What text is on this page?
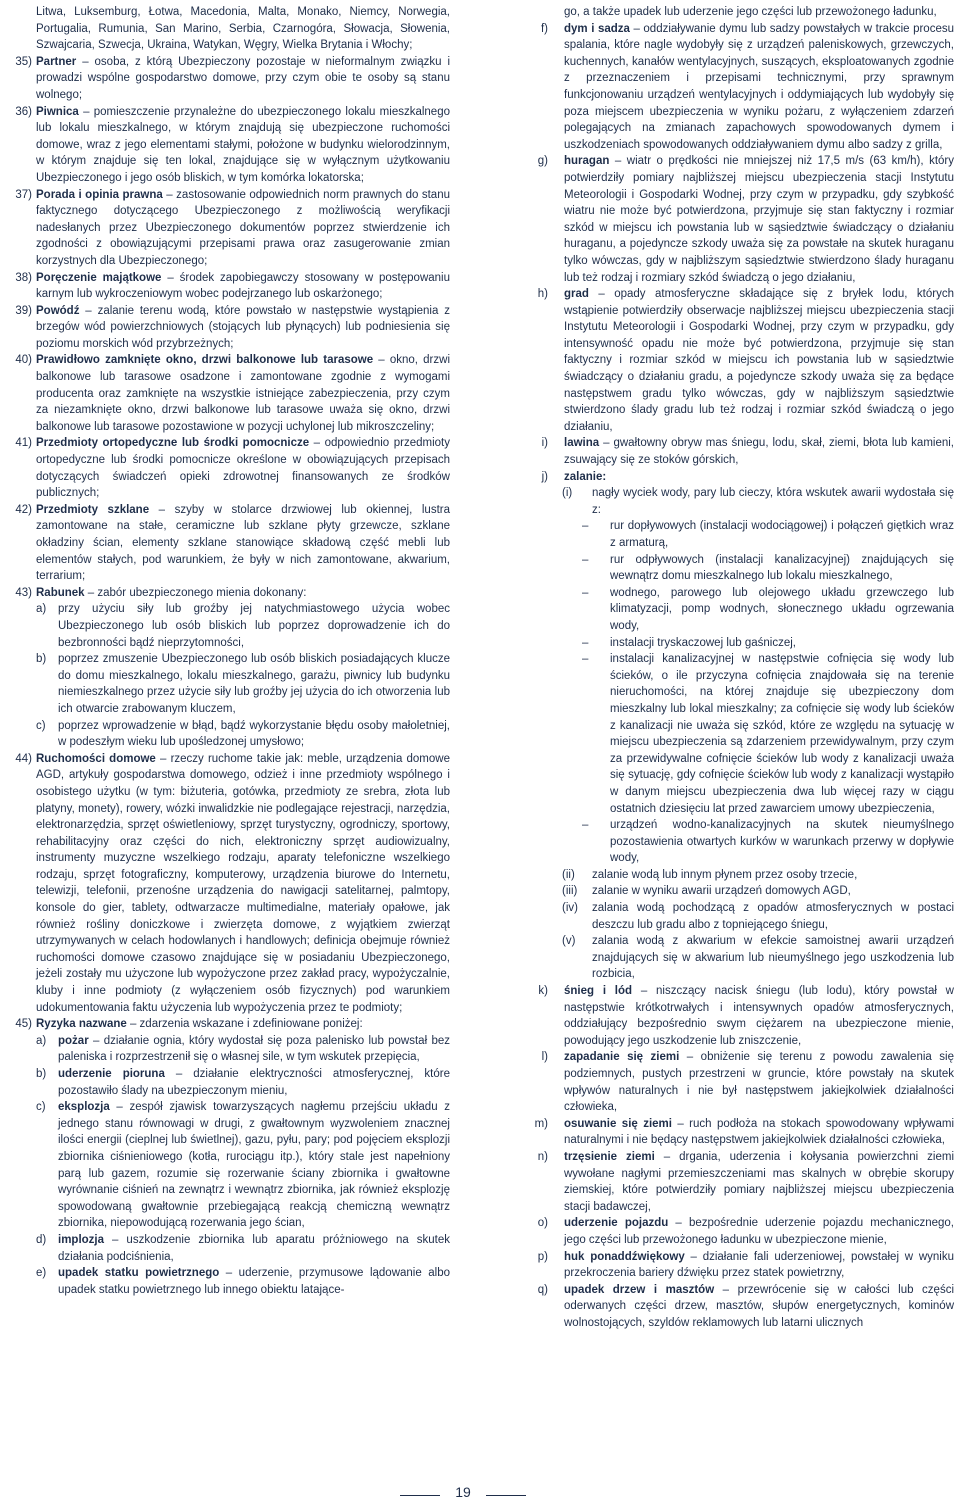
Litwa, Luksemburg, Łotwa, Macedonia, Malta, Monako, Niemcy, Norwegia, Portugalia, Rumunia, San Marino, Serbia, Czarnogóra, Słowacja, Słowenia, Szwajcaria, Szwecja, Ukraina, Watykan, Węgry, Wielka Brytania i Włochy;

35) Partner – osoba, z którą Ubezpieczony pozostaje w nieformalnym związku i prowadzi wspólne gospodarstwo domowe, przy czym obie te osoby są stanu wolnego;

36) Piwnica – pomieszczenie przynależne do ubezpieczonego lokalu mieszkalnego lub lokalu mieszkalnego, w którym znajdują się ubezpieczone ruchomości domowe, wraz z jego elementami stałymi, położone w budynku wielorodzinnym, w którym znajduje się ten lokal, znajdujące się w wyłącznym użytkowaniu Ubezpieczonego i jego osób bliskich, w tym komórka lokatorska;

37) Porada i opinia prawna – zastosowanie odpowiednich norm prawnych do stanu faktycznego dotyczącego Ubezpieczonego z możliwością weryfikacji nadesłanych przez Ubezpieczonego dokumentów poprzez stwierdzenie ich zgodności z obowiązującymi przepisami prawa oraz zasugerowanie zmian korzystnych dla Ubezpieczonego;

38) Poręczenie majątkowe – środek zapobiegawczy stosowany w postępowaniu karnym lub wykroczeniowym wobec podejrzanego lub oskarżonego;

39) Powódź – zalanie terenu wodą, które powstało w następstwie wystąpienia z brzegów wód powierzchniowych (stojących lub płynących) lub podniesienia się poziomu morskich wód przybrzeżnych;

40) Prawidłowo zamknięte okno, drzwi balkonowe lub tarasowe – okno, drzwi balkonowe lub tarasowe osadzone i zamontowane zgodnie z wymogami producenta oraz zamknięte na wszystkie istniejące zabezpieczenia, przy czym za niezamknięte okno, drzwi balkonowe lub tarasowe uważa się okno, drzwi balkonowe lub tarasowe pozostawione w pozycji uchylonej lub mikroszczeliny;

41) Przedmioty ortopedyczne lub środki pomocnicze – odpowiednio przedmioty ortopedyczne lub środki pomocnicze określone w obowiązujących przepisach dotyczących świadczeń opieki zdrowotnej finansowanych ze środków publicznych;

42) Przedmioty szklane – szyby w stolarce drzwiowej lub okiennej, lustra zamontowane na stałe, ceramiczne lub szklane płyty grzewcze, szklane okładziny ścian, elementy szklane stanowiące składową część mebli lub elementów stałych, pod warunkiem, że były w nich zamontowane, akwarium, terrarium;

43) Rabunek – zabór ubezpieczonego mienia dokonany:

a) przy użyciu siły lub groźby jej natychmiastowego użycia wobec Ubezpieczonego lub osób bliskich lub poprzez doprowadzenie ich do bezbronności bądź nieprzytomności,

b) poprzez zmuszenie Ubezpieczonego lub osób bliskich posiadających klucze do domu mieszkalnego, lokalu mieszkalnego, garażu, piwnicy lub budynku niemieszkalnego przez użycie siły lub groźby jej użycia do ich otworzenia lub ich otwarcie zrabowanym kluczem,

c) poprzez wprowadzenie w błąd, bądź wykorzystanie błędu osoby małoletniej, w podeszłym wieku lub upośledzonej umysłowo;

44) Ruchomości domowe – rzeczy ruchome takie jak: meble, urządzenia domowe AGD, artykuły gospodarstwa domowego, odzież i inne przedmioty wspólnego i osobistego użytku (w tym: biżuteria, gotówka, przedmioty ze srebra, złota lub platyny, monety), rowery, wózki inwalidzkie nie podlegające rejestracji, narzędzia, elektronarzędzia, sprzęt oświetleniowy, sprzęt turystyczny, ogrodniczy, sportowy, rehabilitacyjny oraz części do nich, elektroniczny sprzęt audiowizualny, instrumenty muzyczne wszelkiego rodzaju, aparaty telefoniczne wszelkiego rodzaju, sprzęt fotograficzny, komputerowy, urządzenia biurowe do Internetu, telewizji, telefonii, przenośne urządzenia do nawigacji satelitarnej, palmtopy, konsole do gier, tablety, odtwarzacze multimedialne, materiały opałowe, jak również rośliny doniczkowe i zwierzęta domowe, z wyjątkiem zwierząt utrzymywanych w celach hodowlanych i handlowych; definicja obejmuje również ruchomości domowe czasowo znajdujące się w posiadaniu Ubezpieczonego, jeżeli zostały mu użyczone lub wypożyczone przez zakład pracy, wypożyczalnie, kluby i inne podmioty (z wyłączeniem osób fizycznych) pod warunkiem udokumentowania faktu użyczenia lub wypożyczenia przez te podmioty;

45) Ryzyka nazwane – zdarzenia wskazane i zdefiniowane poniżej:

a) pożar – działanie ognia, który wydostał się poza palenisko lub powstał bez paleniska i rozprzestrzenił się o własnej sile, w tym wskutek przepięcia,

b) uderzenie pioruna – działanie elektryczności atmosferycznej, które pozostawiło ślady na ubezpieczonym mieniu,

c) eksplozja – zespół zjawisk towarzyszących nagłemu przejściu układu z jednego stanu równowagi w drugi, z gwałtownym wyzwoleniem znacznej ilości energii (cieplnej lub świetlnej), gazu, pyłu, pary; pod pojęciem eksplozji zbiornika ciśnieniowego (kotła, rurociągu itp.), który stale jest napełniony parą lub gazem, rozumie się rozerwanie ściany zbiornika i gwałtowne wyrównanie ciśnień na zewnątrz i wewnątrz zbiornika, jak również eksplozję spowodowaną gwałtownie przebiegającą reakcją chemiczną wewnątrz zbiornika, niepowodującą rozerwania jego ścian,

d) implozja – uszkodzenie zbiornika lub aparatu próżniowego na skutek działania podciśnienia,

e) upadek statku powietrznego – uderzenie, przymusowe lądowanie albo upadek statku powietrznego lub innego obiektu latające-

go, a także upadek lub uderzenie jego części lub przewożonego ładunku,

f) dym i sadza – oddziaływanie dymu lub sadzy powstałych w trakcie procesu spalania, które nagle wydobyły się z urządzeń paleniskowych, grzewczych, kuchennych, kanałów wentylacyjnych, suszących, eksploatowanych zgodnie z przeznaczeniem i przepisami technicznymi, przy sprawnym funkcjonowaniu urządzeń wentylacyjnych i oddymiających lub wydobyły się poza miejscem ubezpieczenia w wyniku pożaru, z wyłączeniem zdarzeń polegających na zmianach zapachowych spowodowanych dymem i uszkodzeniach spowodowanych oddziaływaniem dymu albo sadzy z grilla,

g) huragan – wiatr o prędkości nie mniejszej niż 17,5 m/s (63 km/h), który potwierdziły pomiary najbliższej miejscu ubezpieczenia stacji Instytutu Meteorologii i Gospodarki Wodnej, przy czym w przypadku, gdy szybkość wiatru nie może być potwierdzona, przyjmuje się stan faktyczny i rozmiar szkód w miejscu ich powstania lub w sąsiedztwie świadczący o działaniu huraganu, a pojedyncze szkody uważa się za powstałe na skutek huraganu tylko wówczas, gdy w najbliższym sąsiedztwie stwierdzono ślady huraganu lub też rodzaj i rozmiary szkód świadczą o jego działaniu,

h) grad – opady atmosferyczne składające się z bryłek lodu, których wstąpienie potwierdziły obserwacje najbliższej miejscu ubezpieczenia stacji Instytutu Meteorologii i Gospodarki Wodnej, przy czym w przypadku, gdy intensywność opadu nie może być potwierdzona, przyjmuje się stan faktyczny i rozmiar szkód w miejscu ich powstania lub w sąsiedztwie świadczący o działaniu gradu, a pojedyncze szkody uważa się za będące następstwem gradu tylko wówczas, gdy w najbliższym sąsiedztwie stwierdzono ślady gradu lub też rodzaj i rozmiar szkód świadczą o jego działaniu,

i) lawina – gwałtowny obryw mas śniegu, lodu, skał, ziemi, błota lub kamieni, zsuwający się ze stoków górskich,

j) zalanie:

(i) nagły wyciek wody, pary lub cieczy, która wskutek awarii wydostała się z:

– rur dopływowych (instalacji wodociągowej) i połączeń giętkich wraz z armaturą,

– rur odpływowych (instalacji kanalizacyjnej) znajdujących się wewnątrz domu mieszkalnego lub lokalu mieszkalnego,

– wodnego, parowego lub olejowego układu grzewczego lub klimatyzacji, pomp wodnych, słonecznego układu ogrzewania wody,

– instalacji tryskaczowej lub gaśniczej,

– instalacji kanalizacyjnej w następstwie cofnięcia się wody lub ścieków, o ile przyczyna cofnięcia znajdowała się na terenie nieruchomości, na której znajduje się ubezpieczony dom mieszkalny lub lokal mieszkalny; za cofnięcie się wody lub ścieków z kanalizacji nie uważa się szkód, które ze względu na sytuację w miejscu ubezpieczenia są zdarzeniem przewidywalnym, przy czym za przewidywalne cofnięcie ścieków lub wody z kanalizacji uważa się sytuację, gdy cofnięcie ścieków lub wody z kanalizacji wystąpiło w danym miejscu ubezpieczenia dwa lub więcej razy w ciągu ostatnich dziesięciu lat przed zawarciem umowy ubezpieczenia,

– urządzeń wodno-kanalizacyjnych na skutek nieumyślnego pozostawienia otwartych kurków w warunkach przerwy w dopływie wody,

(ii) zalanie wodą lub innym płynem przez osoby trzecie,

(iii) zalanie w wyniku awarii urządzeń domowych AGD,

(iv) zalania wodą pochodzącą z opadów atmosferycznych w postaci deszczu lub gradu albo z topniejącego śniegu,

(v) zalania wodą z akwarium w efekcie samoistnej awarii urządzeń znajdujących się w akwarium lub nieumyślnego jego uszkodzenia lub rozbicia,

k) śnieg i lód – niszczący nacisk śniegu (lub lodu), który powstał w następstwie krótkotrwałych i intensywnych opadów atmosferycznych, oddziałujący bezpośrednio swym ciężarem na ubezpieczone mienie, powodujący jego uszkodzenie lub zniszczenie,

l) zapadanie się ziemi – obniżenie się terenu z powodu zawalenia się podziemnych, pustych przestrzeni w gruncie, które powstały na skutek wpływów naturalnych i nie był następstwem jakiejkolwiek działalności człowieka,

m) osuwanie się ziemi – ruch podłoża na stokach spowodowany wpływami naturalnymi i nie będący następstwem jakiejkolwiek działalności człowieka,

n) trzęsienie ziemi – drgania, uderzenia i kołysania powierzchni ziemi wywołane nagłymi przemieszczeniami mas skalnych w obrębie skorupy ziemskiej, które potwierdziły pomiary najbliższej miejscu ubezpieczenia stacji badawczej,

o) uderzenie pojazdu – bezpośrednie uderzenie pojazdu mechanicznego, jego części lub przewożonego ładunku w ubezpieczone mienie,

p) huk ponaddźwiękowy – działanie fali uderzeniowej, powstałej w wyniku przekroczenia bariery dźwięku przez statek powietrzny,

q) upadek drzew i masztów – przewrócenie się w całości lub części oderwanych części drzew, masztów, słupów energetycznych, kominów wolnostojących, szyldów reklamowych lub latarni ulicznych

19
